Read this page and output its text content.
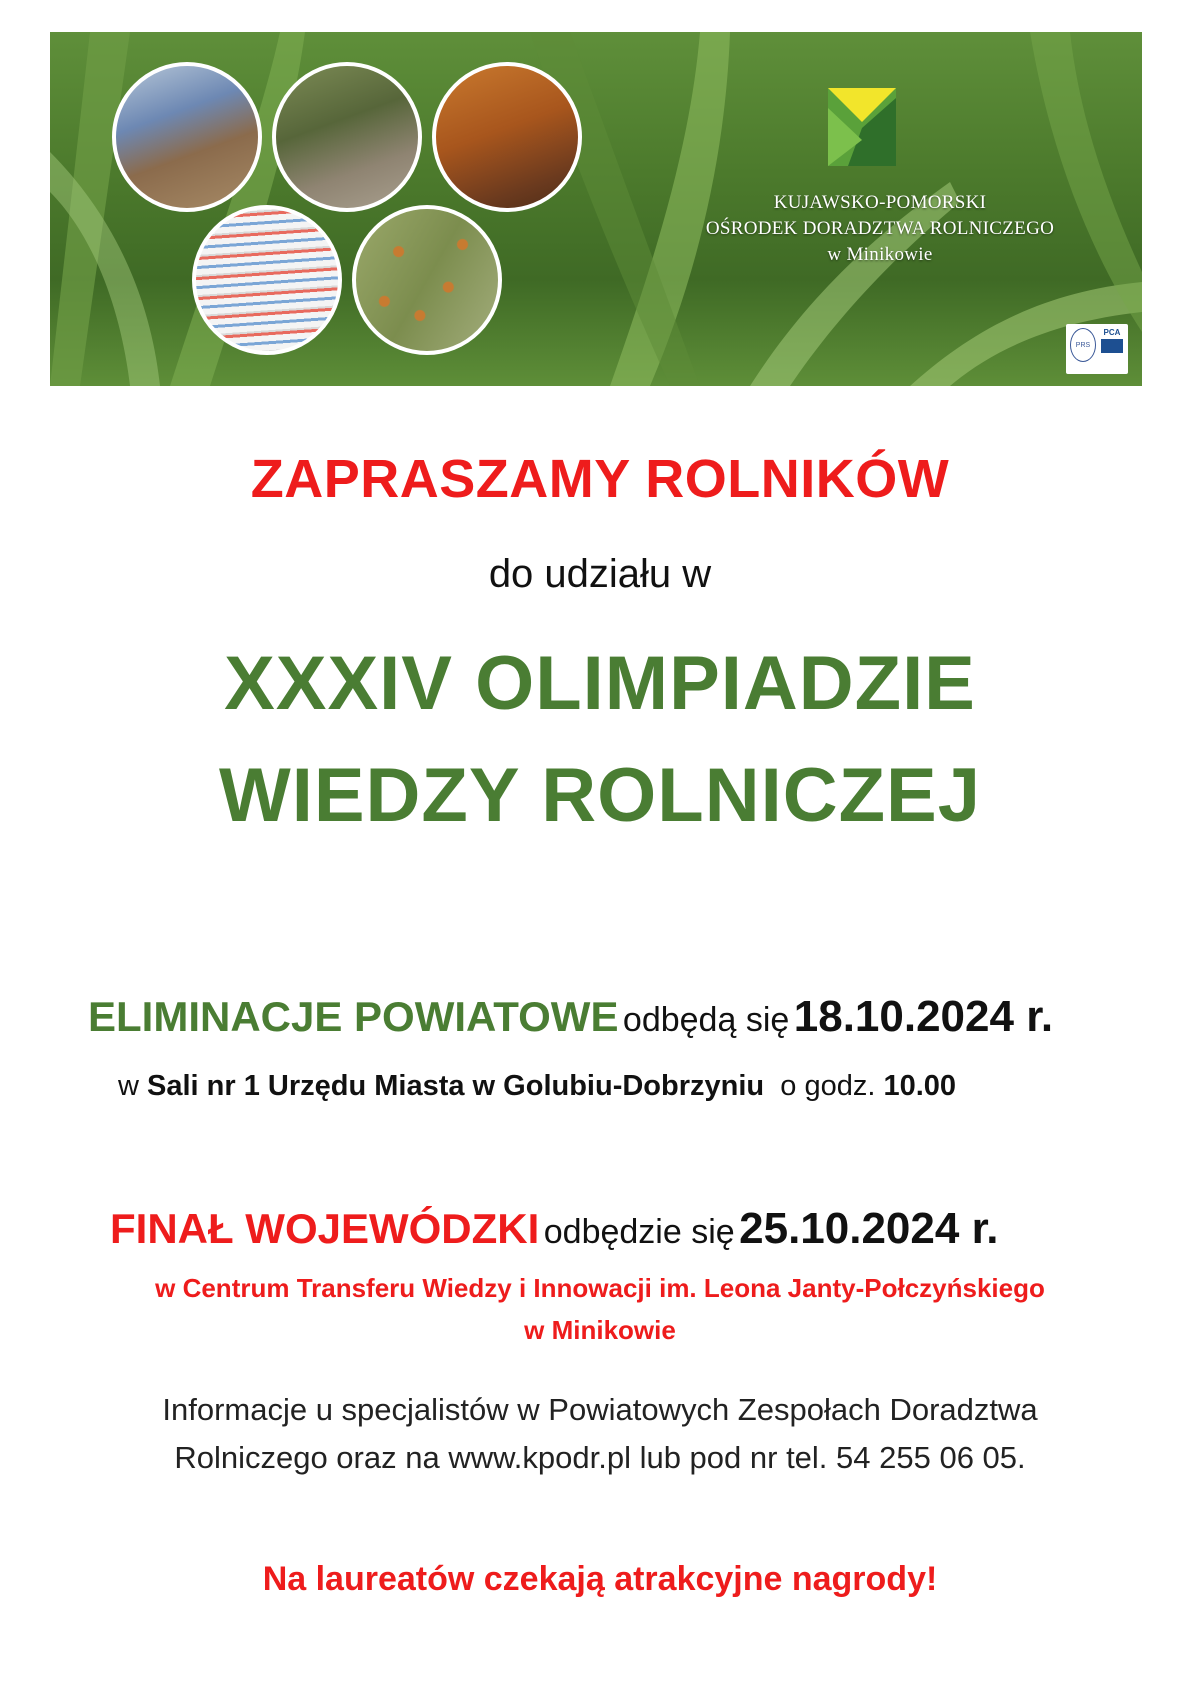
KUJAWSKO-POMORSKI
OŚRODEK DORADZTWA ROLNICZEGO
w Minikowie
PRS
PCA
ZAPRASZAMY ROLNIKÓW
do udziału w
XXXIV OLIMPIADZIE
WIEDZY ROLNICZEJ
ELIMINACJE POWIATOWE odbędą się 18.10.2024 r.
w Sali nr 1 Urzędu Miasta w Golubiu-Dobrzyniu o godz. 10.00
FINAŁ WOJEWÓDZKI odbędzie się 25.10.2024 r.
w Centrum Transferu Wiedzy i Innowacji im. Leona Janty-Połczyńskiego
w Minikowie
Informacje u specjalistów w Powiatowych Zespołach Doradztwa
Rolniczego oraz na www.kpodr.pl lub pod nr tel. 54 255 06 05.
Na laureatów czekają atrakcyjne nagrody!
